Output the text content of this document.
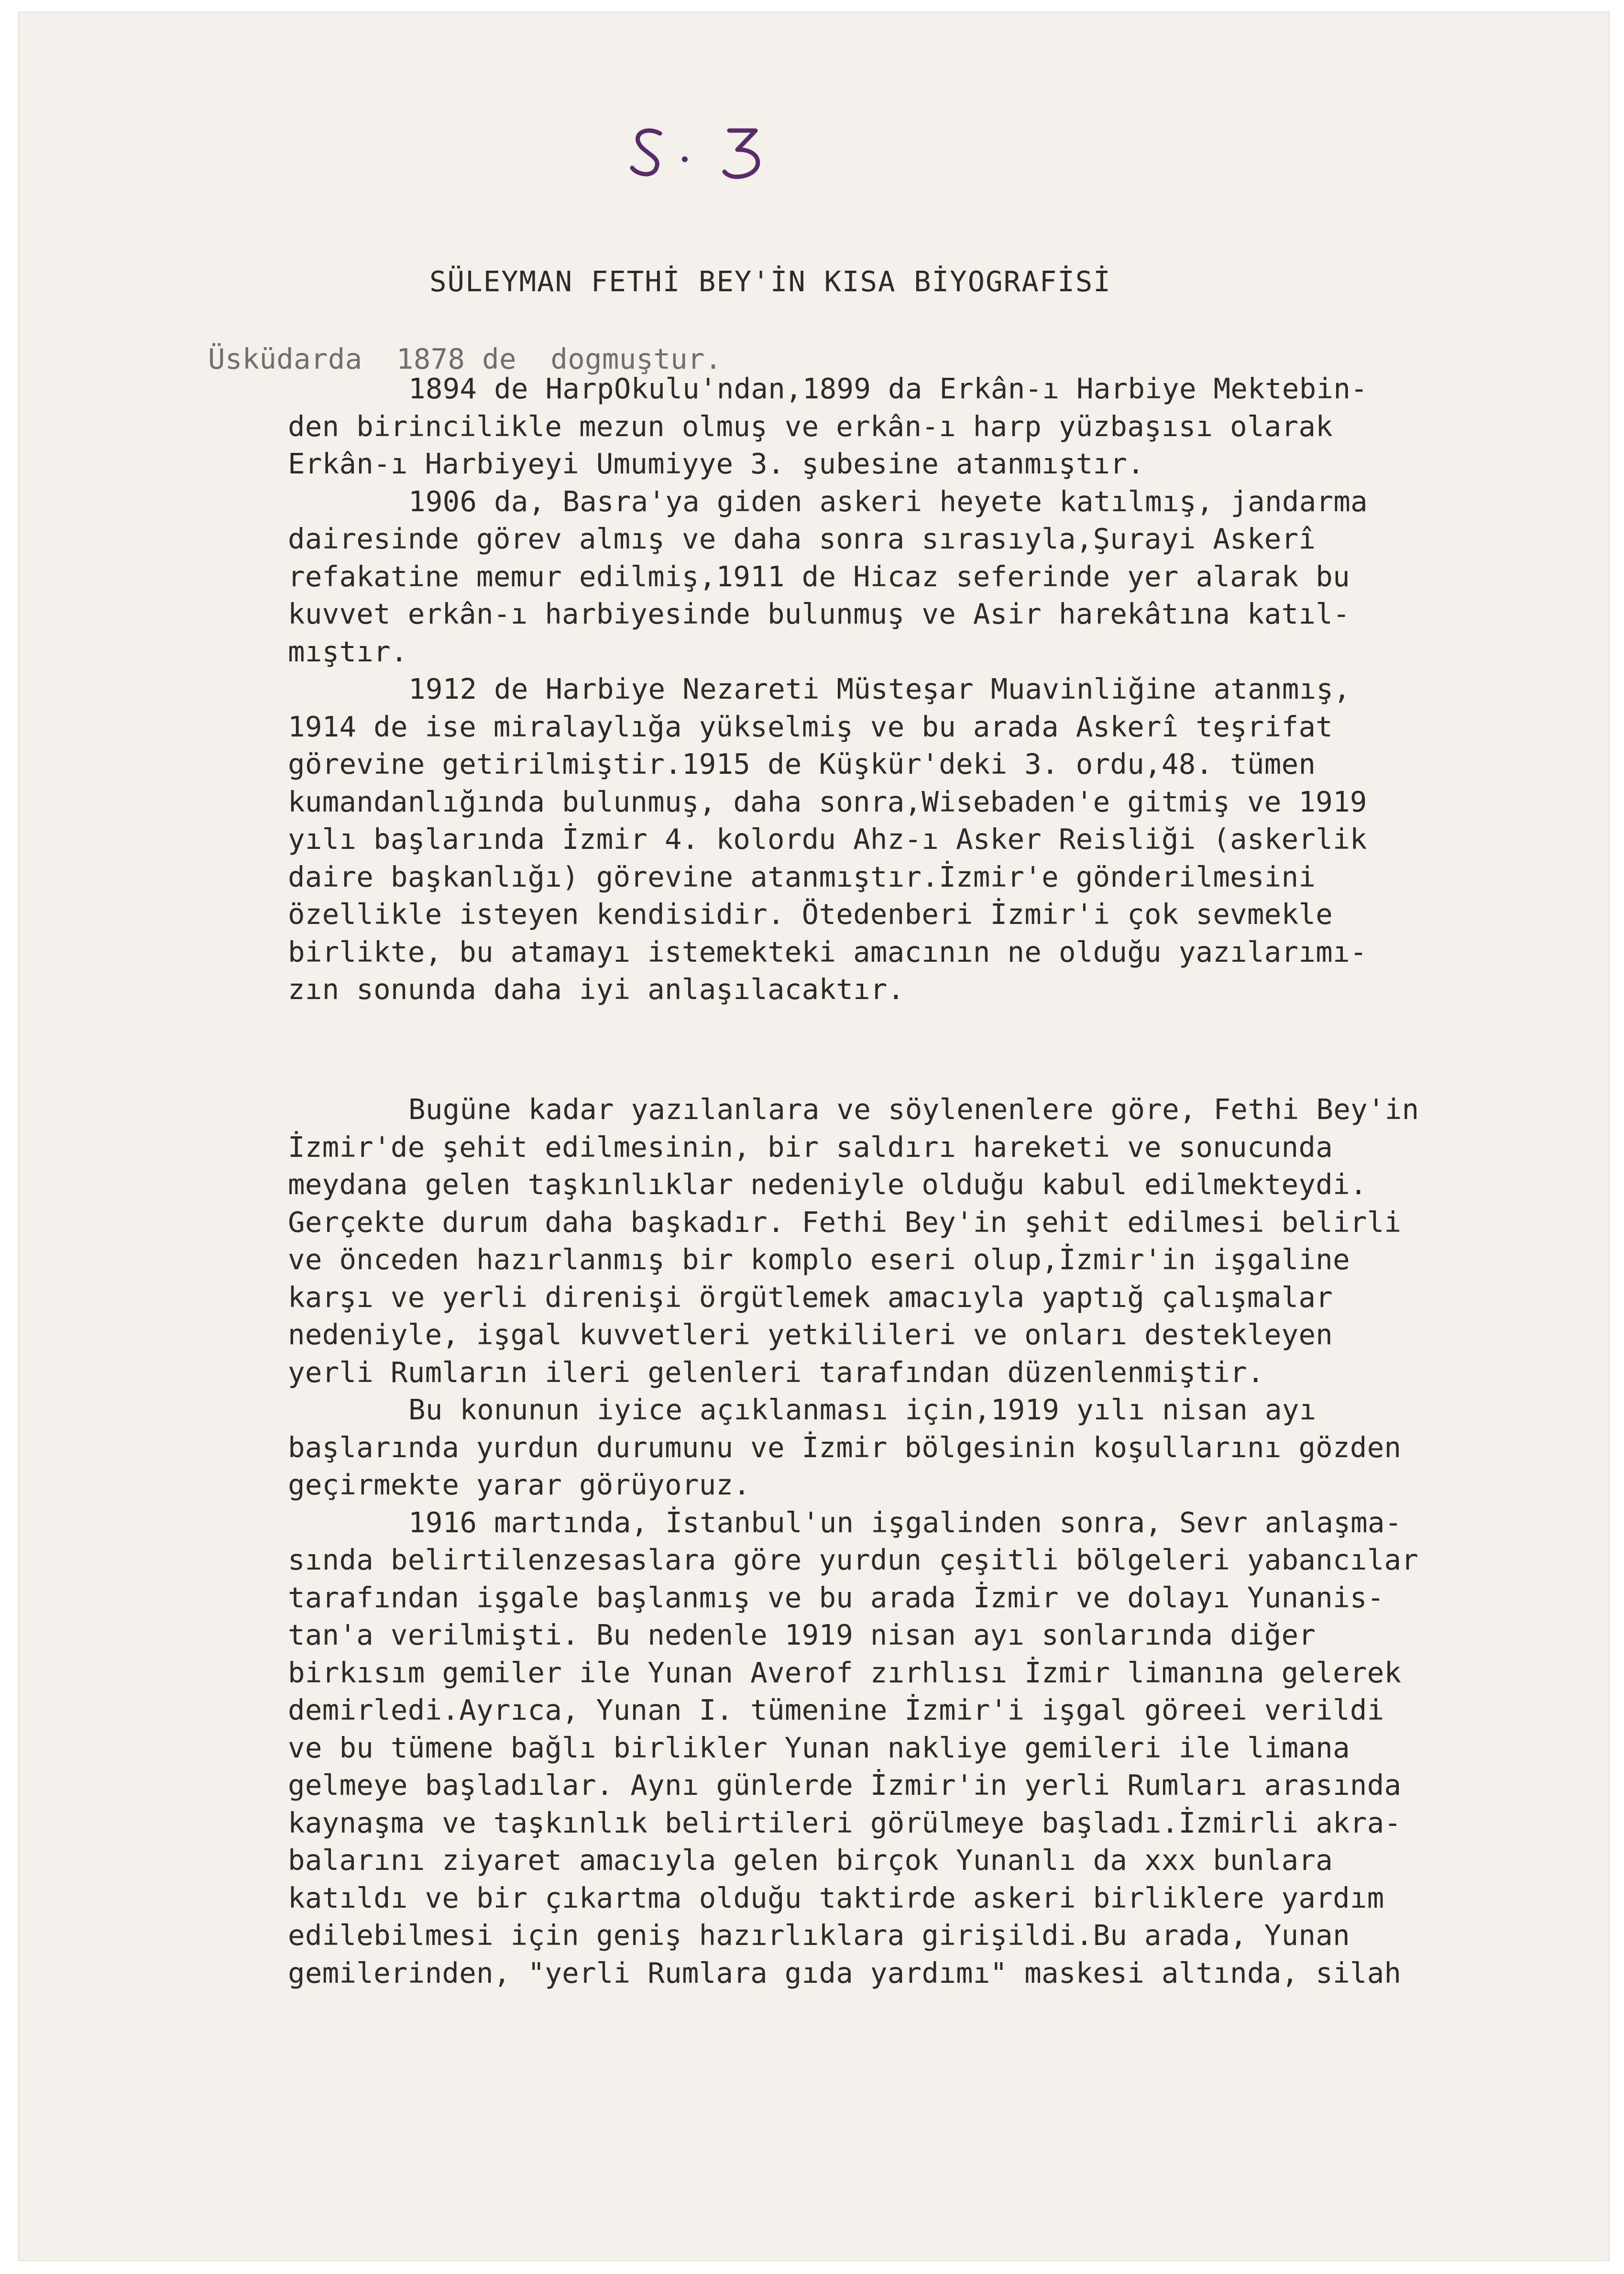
SÜLEYMAN FETHİ BEY'İN KISA BİYOGRAFİSİ

Üsküdarda  1878 de  dogmuştur.

1894 de HarpOkulu'ndan,1899 da Erkân-ı Harbiye Mektebin-

den birincilikle mezun olmuş ve erkân-ı harp yüzbaşısı olarak

Erkân-ı Harbiyeyi Umumiyye 3. şubesine atanmıştır.

1906 da, Basra'ya giden askeri heyete katılmış, jandarma

dairesinde görev almış ve daha sonra sırasıyla,Şurayi Askerî

refakatine memur edilmiş,1911 de Hicaz seferinde yer alarak bu

kuvvet erkân-ı harbiyesinde bulunmuş ve Asir harekâtına katıl-

mıştır.

1912 de Harbiye Nezareti Müsteşar Muavinliğine atanmış,

1914 de ise miralaylığa yükselmiş ve bu arada Askerî teşrifat

görevine getirilmiştir.1915 de Küşkür'deki 3. ordu,48. tümen

kumandanlığında bulunmuş, daha sonra,Wisebaden'e gitmiş ve 1919

yılı başlarında İzmir 4. kolordu Ahz-ı Asker Reisliği (askerlik

daire başkanlığı) görevine atanmıştır.İzmir'e gönderilmesini

özellikle isteyen kendisidir. Ötedenberi İzmir'i çok sevmekle

birlikte, bu atamayı istemekteki amacının ne olduğu yazılarımı-

zın sonunda daha iyi anlaşılacaktır.

Bugüne kadar yazılanlara ve söylenenlere göre, Fethi Bey'in

İzmir'de şehit edilmesinin, bir saldırı hareketi ve sonucunda

meydana gelen taşkınlıklar nedeniyle olduğu kabul edilmekteydi.

Gerçekte durum daha başkadır. Fethi Bey'in şehit edilmesi belirli

ve önceden hazırlanmış bir komplo eseri olup,İzmir'in işgaline

karşı ve yerli direnişi örgütlemek amacıyla yaptığ çalışmalar

nedeniyle, işgal kuvvetleri yetkilileri ve onları destekleyen

yerli Rumların ileri gelenleri tarafından düzenlenmiştir.

Bu konunun iyice açıklanması için,1919 yılı nisan ayı

başlarında yurdun durumunu ve İzmir bölgesinin koşullarını gözden

geçirmekte yarar görüyoruz.

1916 martında, İstanbul'un işgalinden sonra, Sevr anlaşma-

sında belirtilenzesaslara göre yurdun çeşitli bölgeleri yabancılar

tarafından işgale başlanmış ve bu arada İzmir ve dolayı Yunanis-

tan'a verilmişti. Bu nedenle 1919 nisan ayı sonlarında diğer

birkısım gemiler ile Yunan Averof zırhlısı İzmir limanına gelerek

demirledi.Ayrıca, Yunan I. tümenine İzmir'i işgal göreei verildi

ve bu tümene bağlı birlikler Yunan nakliye gemileri ile limana

gelmeye başladılar. Aynı günlerde İzmir'in yerli Rumları arasında

kaynaşma ve taşkınlık belirtileri görülmeye başladı.İzmirli akra-

balarını ziyaret amacıyla gelen birçok Yunanlı da xxx bunlara

katıldı ve bir çıkartma olduğu taktirde askeri birliklere yardım

edilebilmesi için geniş hazırlıklara girişildi.Bu arada, Yunan

gemilerinden, "yerli Rumlara gıda yardımı" maskesi altında, silah
